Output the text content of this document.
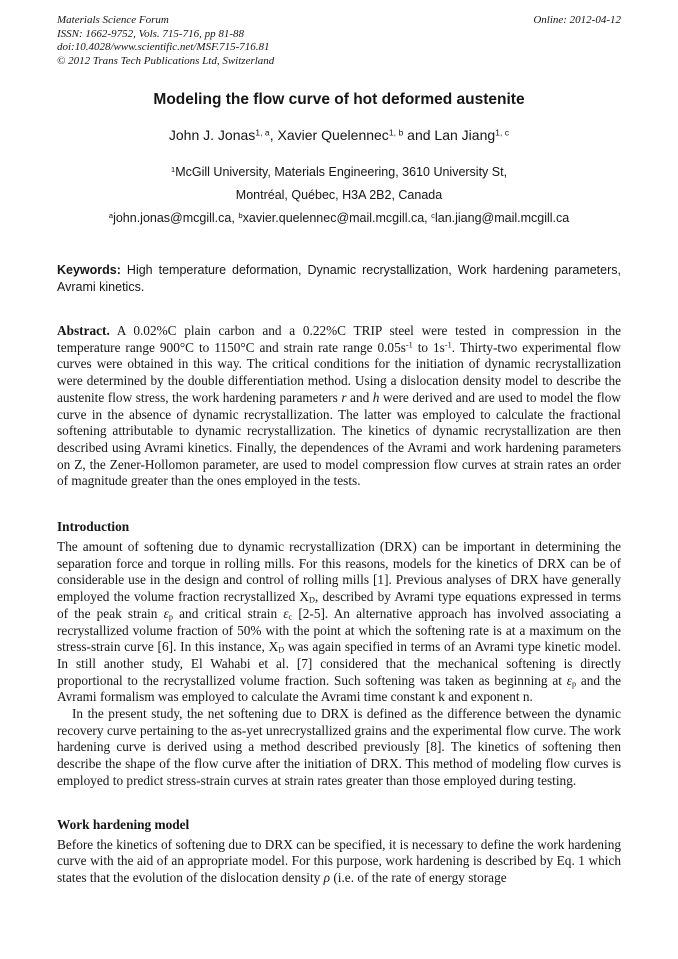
Materials Science Forum
ISSN: 1662-9752, Vols. 715-716, pp 81-88
doi:10.4028/www.scientific.net/MSF.715-716.81
© 2012 Trans Tech Publications Ltd, Switzerland
Online: 2012-04-12
Modeling the flow curve of hot deformed austenite
John J. Jonas$^{1, a}$, Xavier Quelennec$^{1, b}$ and Lan Jiang$^{1, c}$
$^1$McGill University, Materials Engineering, 3610 University St,
Montréal, Québec, H3A 2B2, Canada
$^a$john.jonas@mcgill.ca, $^b$xavier.quelennec@mail.mcgill.ca, $^c$lan.jiang@mail.mcgill.ca
Keywords: High temperature deformation, Dynamic recrystallization, Work hardening parameters, Avrami kinetics.

Abstract. A 0.02%C plain carbon and a 0.22%C TRIP steel were tested in compression in the temperature range 900°C to 1150°C and strain rate range $0.05s^{-1}$ to $1s^{-1}$. Thirty-two experimental flow curves were obtained in this way. The critical conditions for the initiation of dynamic recrystallization were determined by the double differentiation method. Using a dislocation density model to describe the austenite flow stress, the work hardening parameters r and h were derived and are used to model the flow curve in the absence of dynamic recrystallization. The latter was employed to calculate the fractional softening attributable to dynamic recrystallization. The kinetics of dynamic recrystallization are then described using Avrami kinetics. Finally, the dependences of the Avrami and work hardening parameters on Z, the Zener-Hollomon parameter, are used to model compression flow curves at strain rates an order of magnitude greater than the ones employed in the tests.

Introduction

The amount of softening due to dynamic recrystallization (DRX) can be important in determining the separation force and torque in rolling mills. For this reasons, models for the kinetics of DRX can be of considerable use in the design and control of rolling mills [1]. Previous analyses of DRX have generally employed the volume fraction recrystallized $X_D$, described by Avrami type equations expressed in terms of the peak strain $\varepsilon_p$ and critical strain $\varepsilon_c$ [2-5]. An alternative approach has involved associating a recrystallized volume fraction of 50% with the point at which the softening rate is at a maximum on the stress-strain curve [6]. In this instance, $X_D$ was again specified in terms of an Avrami type kinetic model. In still another study, El Wahabi et al. [7] considered that the mechanical softening is directly proportional to the recrystallized volume fraction. Such softening was taken as beginning at $\varepsilon_p$ and the Avrami formalism was employed to calculate the Avrami time constant k and exponent n.

In the present study, the net softening due to DRX is defined as the difference between the dynamic recovery curve pertaining to the as-yet unrecrystallized grains and the experimental flow curve. The work hardening curve is derived using a method described previously [8]. The kinetics of softening then describe the shape of the flow curve after the initiation of DRX. This method of modeling flow curves is employed to predict stress-strain curves at strain rates greater than those employed during testing.

Work hardening model

Before the kinetics of softening due to DRX can be specified, it is necessary to define the work hardening curve with the aid of an appropriate model. For this purpose, work hardening is described by Eq. 1 which states that the evolution of the dislocation density ρ (i.e. of the rate of energy storage
